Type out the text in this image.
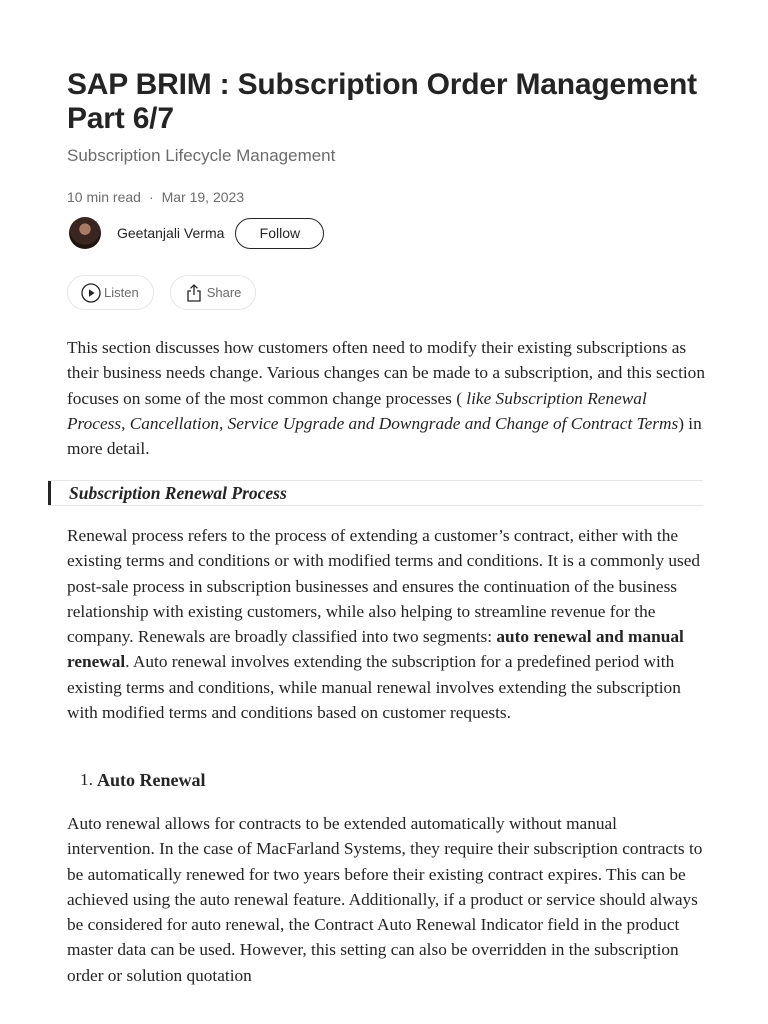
SAP BRIM : Subscription Order Management Part 6/7
Subscription Lifecycle Management
10 min read · Mar 19, 2023
Geetanjali Verma	Follow
Listen	Share

This section discusses how customers often need to modify their existing subscriptions as their business needs change. Various changes can be made to a subscription, and this section focuses on some of the most common change processes ( like Subscription Renewal Process, Cancellation, Service Upgrade and Downgrade and Change of Contract Terms) in more detail.

Subscription Renewal Process

Renewal process refers to the process of extending a customer’s contract, either with the existing terms and conditions or with modified terms and conditions. It is a commonly used post-sale process in subscription businesses and ensures the continuation of the business relationship with existing customers, while also helping to streamline revenue for the company. Renewals are broadly classified into two segments: auto renewal and manual renewal. Auto renewal involves extending the subscription for a predefined period with existing terms and conditions, while manual renewal involves extending the subscription with modified terms and conditions based on customer requests.

1. Auto Renewal

Auto renewal allows for contracts to be extended automatically without manual intervention. In the case of MacFarland Systems, they require their subscription contracts to be automatically renewed for two years before their existing contract expires. This can be achieved using the auto renewal feature. Additionally, if a product or service should always be considered for auto renewal, the Contract Auto Renewal Indicator field in the product master data can be used. However, this setting can also be overridden in the subscription order or solution quotation
